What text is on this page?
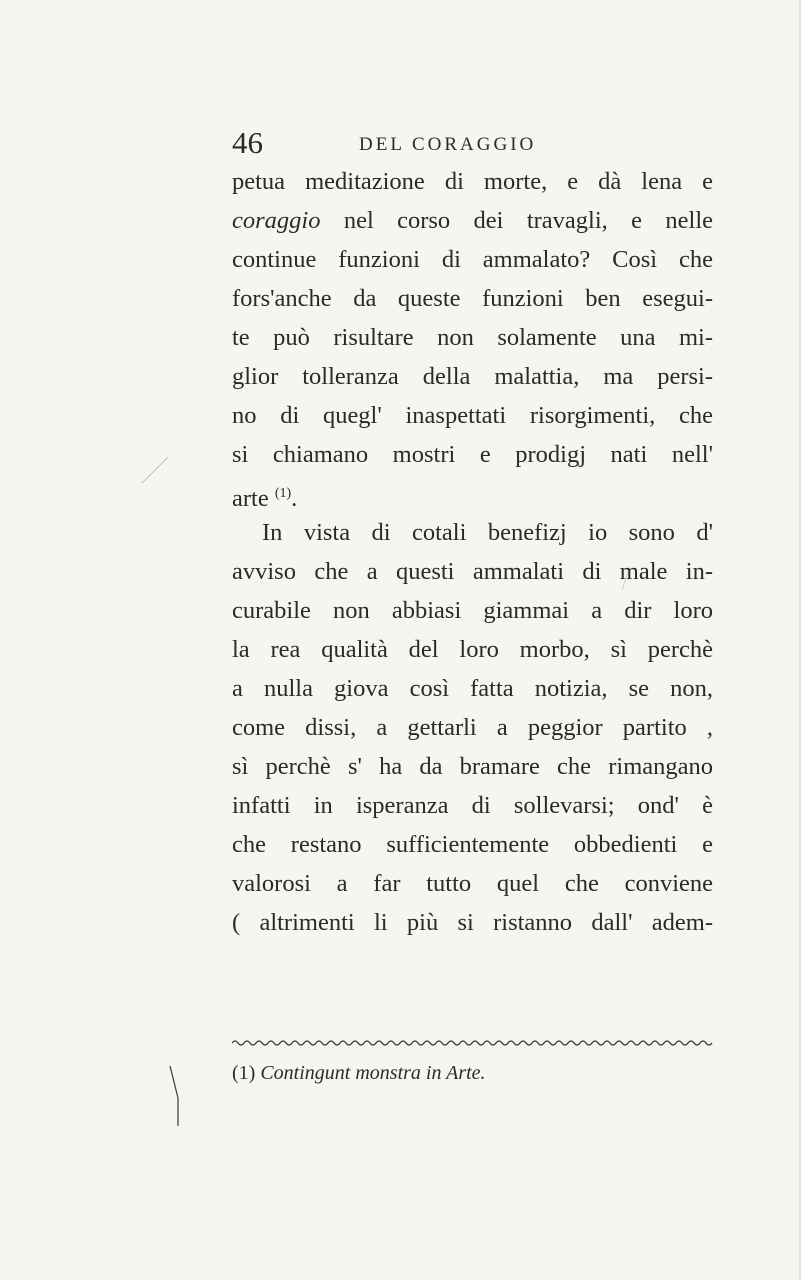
46	DEL CORAGGIO
petua meditazione di morte, e dà lena e
coraggio nel corso dei travagli, e nelle
continue funzioni di ammalato? Così che
fors'anche da queste funzioni ben esegui-
te può risultare non solamente una mi-
glior tolleranza della malattia, ma persi-
no di quegl' inaspettati risorgimenti, che
si chiamano mostri e prodigj nati nell'
arte $^{(1)}$.
In vista di cotali benefizj io sono d'
avviso che a questi ammalati di male in-
curabile non abbiasi giammai a dir loro
la rea qualità del loro morbo, sì perchè
a nulla giova così fatta notizia, se non,
come dissi, a gettarli a peggior partito ,
sì perchè s' ha da bramare che rimangano
infatti in isperanza di sollevarsi; ond' è
che restano sufficientemente obbedienti e
valorosi a far tutto quel che conviene
( altrimenti li più si ristanno dall' adem-
(1) Contingunt monstra in Arte.
